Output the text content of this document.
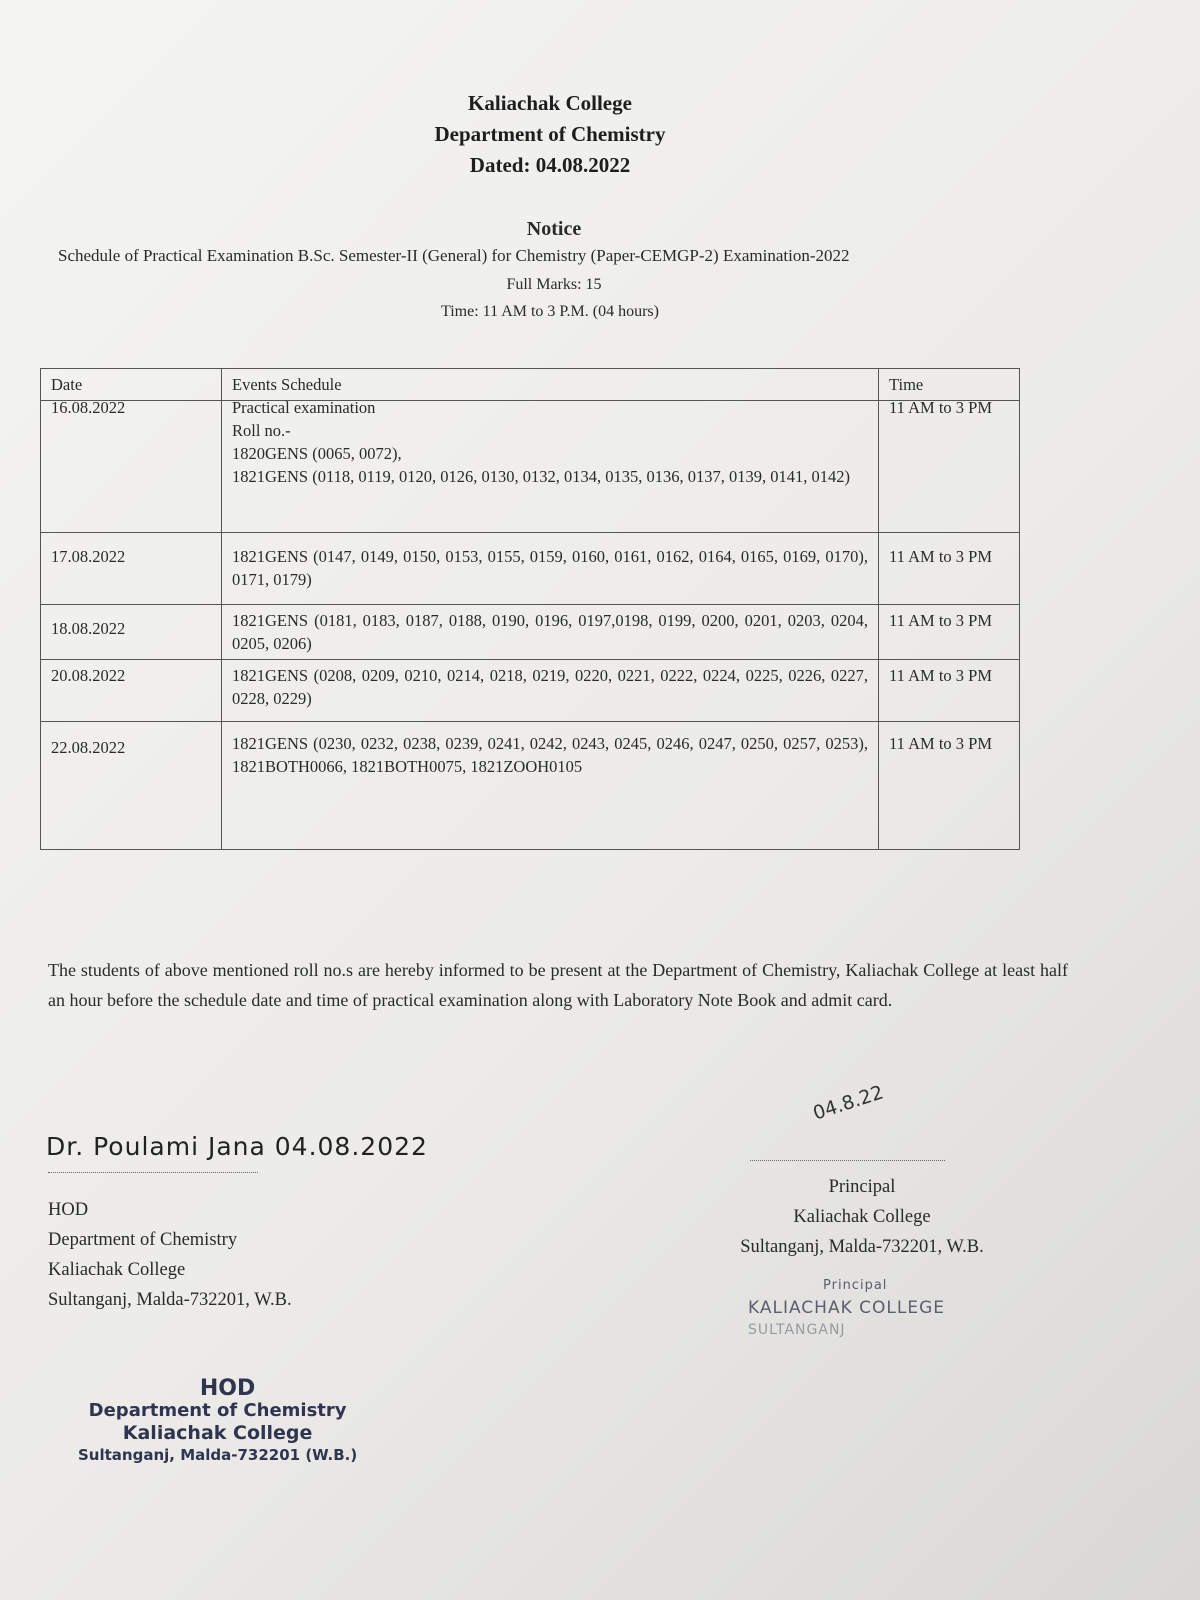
Kaliachak College
Department of Chemistry
Dated: 04.08.2022
Notice
Schedule of Practical Examination B.Sc. Semester-II (General) for Chemistry (Paper-CEMGP-2) Examination-2022
Full Marks: 15
Time: 11 AM to 3 P.M. (04 hours)
Date	Events Schedule	Time
16.08.2022	Practical examination
Roll no.-
1820GENS (0065, 0072),
1821GENS (0118, 0119, 0120, 0126, 0130, 0132, 0134, 0135, 0136, 0137, 0139, 0141, 0142)	11 AM to 3 PM
17.08.2022	1821GENS (0147, 0149, 0150, 0153, 0155, 0159, 0160, 0161, 0162, 0164, 0165, 0169, 0170), 0171, 0179)	11 AM to 3 PM
18.08.2022	1821GENS (0181, 0183, 0187, 0188, 0190, 0196, 0197,0198, 0199, 0200, 0201, 0203, 0204, 0205, 0206)	11 AM to 3 PM
20.08.2022	1821GENS (0208, 0209, 0210, 0214, 0218, 0219, 0220, 0221, 0222, 0224, 0225, 0226, 0227, 0228, 0229)	11 AM to 3 PM
22.08.2022	1821GENS (0230, 0232, 0238, 0239, 0241, 0242, 0243, 0245, 0246, 0247, 0250, 0257, 0253), 1821BOTH0066, 1821BOTH0075, 1821ZOOH0105	11 AM to 3 PM
The students of above mentioned roll no.s are hereby informed to be present at the Department of Chemistry, Kaliachak College at least half an hour before the schedule date and time of practical examination along with Laboratory Note Book and admit card.
Dr. Poulami Jana 04.08.2022
HOD
Department of Chemistry
Kaliachak College
Sultanganj, Malda-732201, W.B.
04.8.22
Principal
Kaliachak College
Sultanganj, Malda-732201, W.B.
Principal
KALIACHAK COLLEGE
SULTANGANJ
HOD
Department of Chemistry
Kaliachak College
Sultanganj, Malda-732201 (W.B.)
